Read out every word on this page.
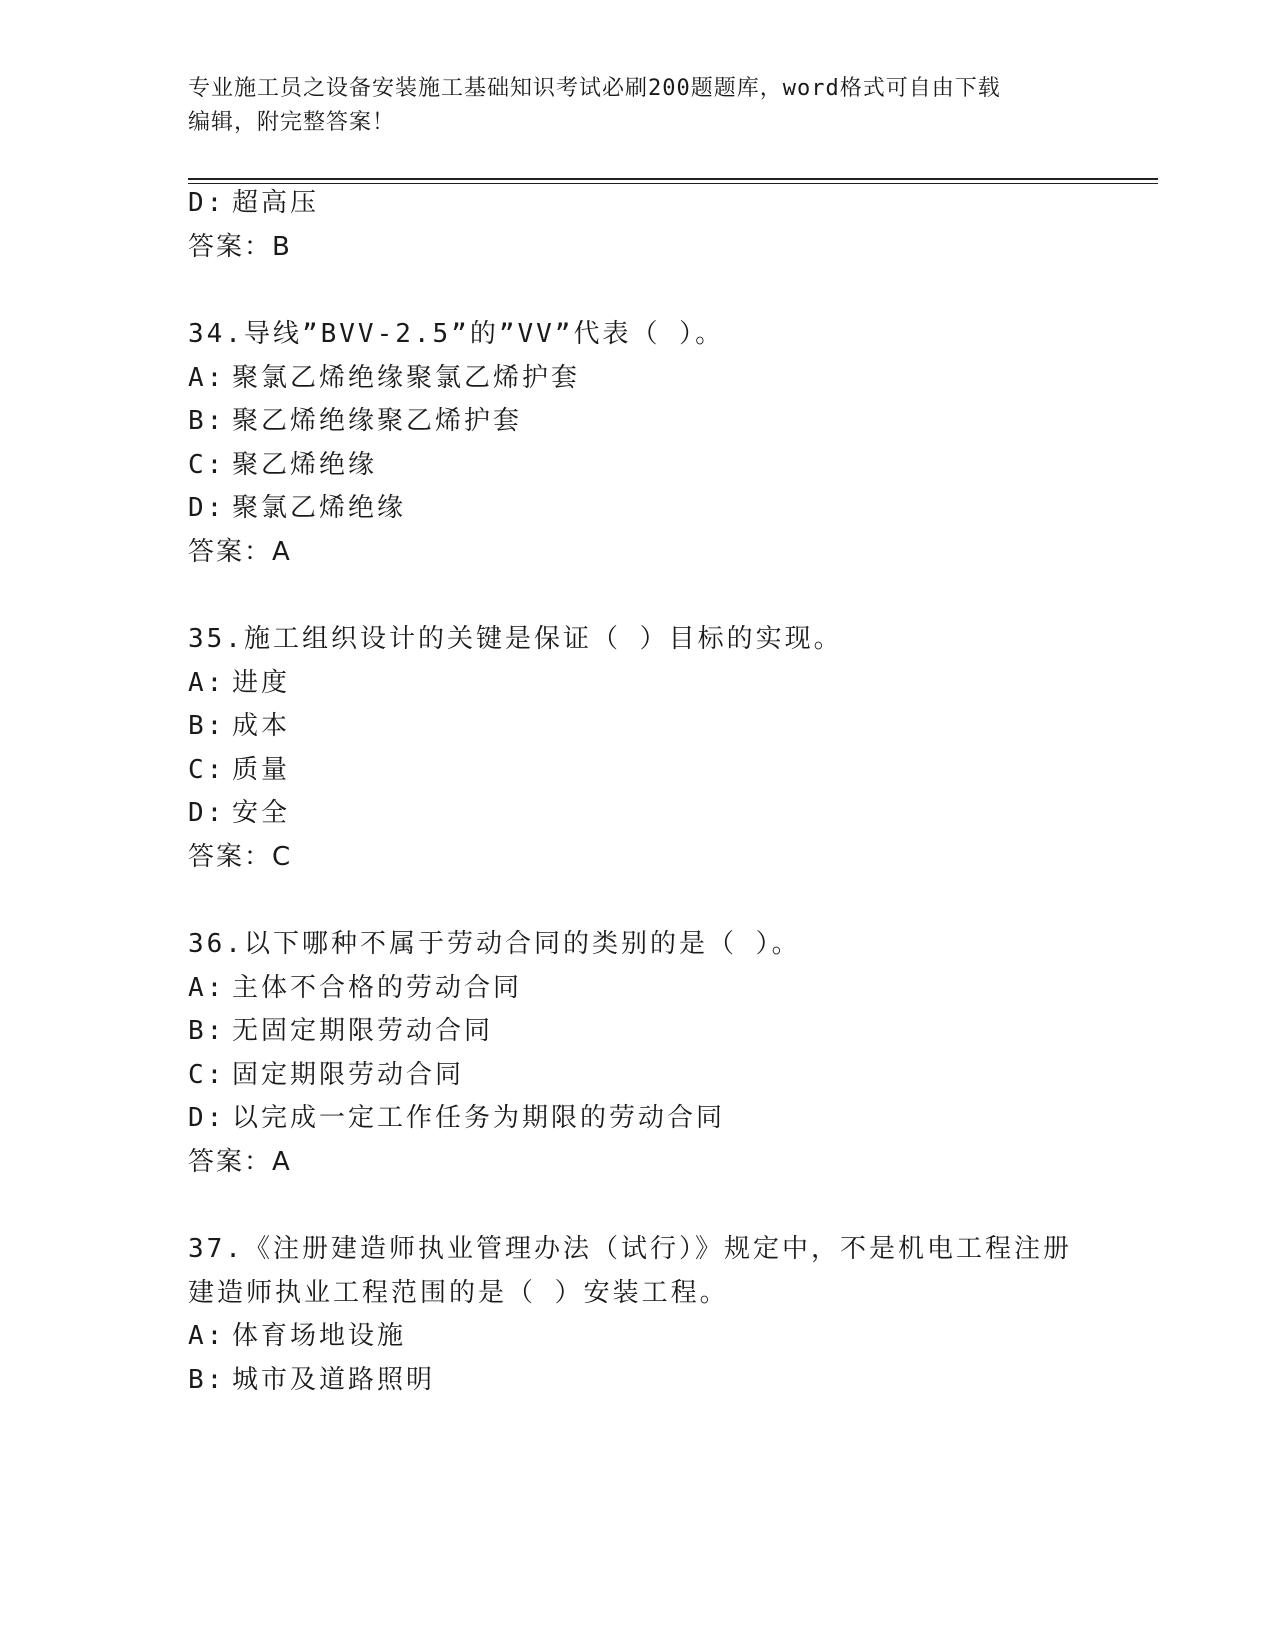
专业施工员之设备安装施工基础知识考试必刷200题题库，word格式可自由下载
编辑，附完整答案！
D: 超高压
答案：B
34.导线”BVV-2.5”的”VV”代表（ ）。
A: 聚氯乙烯绝缘聚氯乙烯护套
B: 聚乙烯绝缘聚乙烯护套
C: 聚乙烯绝缘
D: 聚氯乙烯绝缘
答案：A
35.施工组织设计的关键是保证（ ）目标的实现。
A: 进度
B: 成本
C: 质量
D: 安全
答案：C
36.以下哪种不属于劳动合同的类别的是（ ）。
A: 主体不合格的劳动合同
B: 无固定期限劳动合同
C: 固定期限劳动合同
D: 以完成一定工作任务为期限的劳动合同
答案：A
37.《注册建造师执业管理办法（试行）》规定中，不是机电工程注册
建造师执业工程范围的是（ ）安装工程。
A: 体育场地设施
B: 城市及道路照明
